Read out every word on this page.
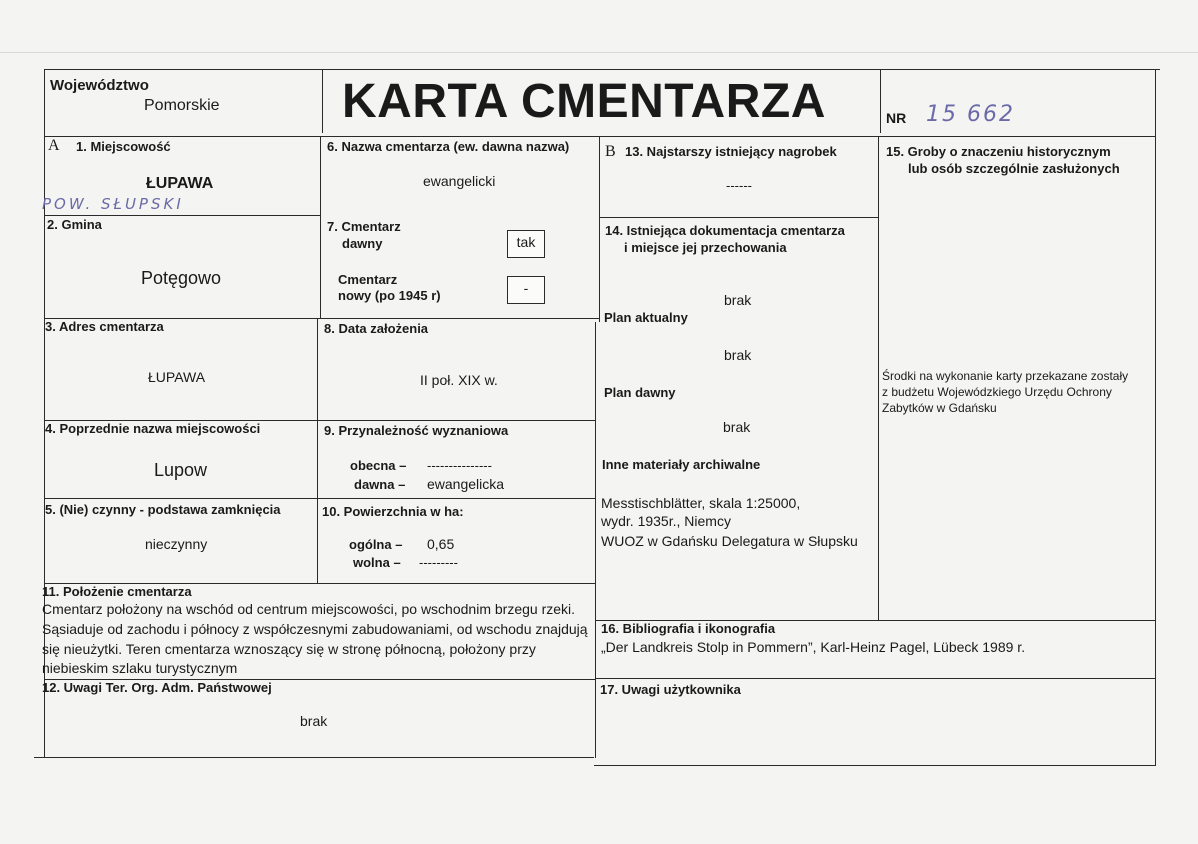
Województwo
Pomorskie	KARTA CMENTARZA	NR 15 662
A 1. Miejscowość
ŁUPAWA
POW. SŁUPSKI
2. Gmina
Potęgowo
6. Nazwa cmentarza (ew. dawna nazwa)
ewangelicki
7. Cmentarz
dawny	tak
Cmentarz
nowy (po 1945 r)	-
3. Adres cmentarza
ŁUPAWA
8. Data założenia
II poł. XIX w.
4. Poprzednie nazwa miejscowości
Lupow
9. Przynależność wyznaniowa
obecna – ---------------
dawna – ewangelicka
5. (Nie) czynny - podstawa zamknięcia
nieczynny
10. Powierzchnia w ha:
ogólna – 0,65
wolna – ---------
11. Położenie cmentarza
Cmentarz położony na wschód od centrum miejscowości, po wschodnim brzegu rzeki.
Sąsiaduje od zachodu i północy z współczesnymi zabudowaniami, od wschodu znajdują
się nieużytki. Teren cmentarza wznoszący się w stronę północną, położony przy
niebieskim szlaku turystycznym
12. Uwagi Ter. Org. Adm. Państwowej
brak
B 13. Najstarszy istniejący nagrobek
------
14. Istniejąca dokumentacja cmentarza
i miejsce jej przechowania
brak
Plan aktualny
brak
Plan dawny
brak
Inne materiały archiwalne
Messtischblätter, skala 1:25000,
wydr. 1935r., Niemcy
WUOZ w Gdańsku Delegatura w Słupsku
15. Groby o znaczeniu historycznym
lub osób szczególnie zasłużonych
Środki na wykonanie karty przekazane zostały
z budżetu Wojewódzkiego Urzędu Ochrony
Zabytków w Gdańsku
16. Bibliografia i ikonografia
„Der Landkreis Stolp in Pommern”, Karl-Heinz Pagel, Lübeck 1989 r.
17. Uwagi użytkownika
